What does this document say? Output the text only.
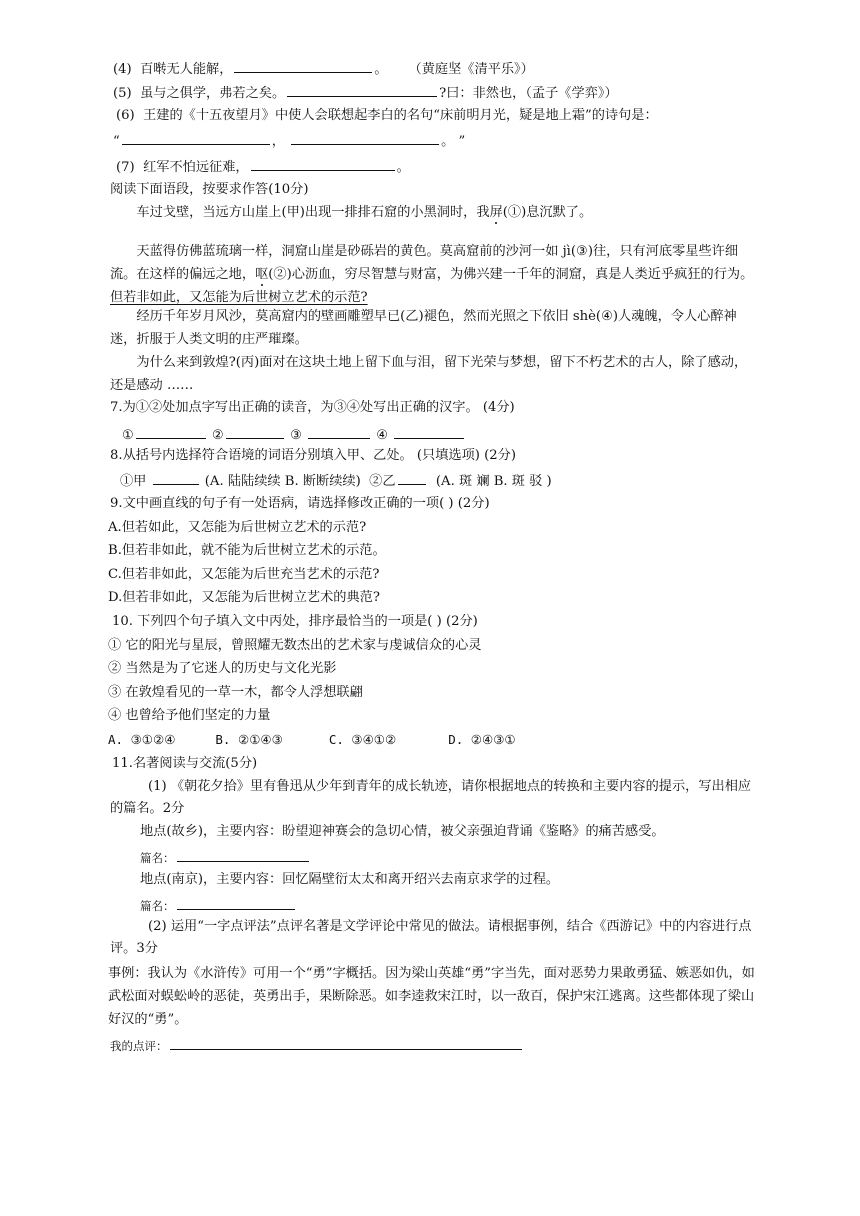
(4) 百啭无人能解，	。 （黄庭坚《清平乐》）
(5) 虽与之俱学，弗若之矣。	?曰：非然也，（孟子《学弈》）
(6) 王建的《十五夜望月》中使人会联想起李白的名句“床前明月光，疑是地上霜”的诗句是：
“	，	。 ”
(7) 红军不怕远征难，	。
阅读下面语段，按要求作答(10分)
车过戈壁，当远方山崖上(甲)出现一排排石窟的小黑洞时，我屏(①)息沉默了。
天蓝得仿佛蓝琉璃一样，洞窟山崖是砂砾岩的黄色。莫高窟前的沙河一如 jì(③)往，只有河底零星些许细流。在这样的偏远之地，呕(②)心沥血，穷尽智慧与财富，为佛兴建一千年的洞窟，真是人类近乎疯狂的行为。但若非如此，又怎能为后世树立艺术的示范?
经历千年岁月风沙，莫高窟内的壁画雕塑早已(乙)褪色，然而光照之下依旧 shè(④)人魂魄，令人心醉神迷，折服于人类文明的庄严璀璨。
为什么来到敦煌?(丙)面对在这块土地上留下血与泪，留下光荣与梦想，留下不朽艺术的古人，除了感动，还是感动 ……
7.为①②处加点字写出正确的读音，为③④处写出正确的汉字。 (4分)
①	②	③	④
8.从括号内选择符合语境的词语分别填入甲、乙处。 (只填选项) (2分)
①甲	(A. 陆陆续续 B. 断断续续) ②乙	(A. 斑 斓 B. 斑 驳 )
9.文中画直线的句子有一处语病，请选择修改正确的一项( ) (2分)
A.但若如此，又怎能为后世树立艺术的示范?
B.但若非如此，就不能为后世树立艺术的示范。
C.但若非如此，又怎能为后世充当艺术的示范?
D.但若非如此，又怎能为后世树立艺术的典范?
10. 下列四个句子填入文中丙处，排序最恰当的一项是( ) (2分)
① 它的阳光与星辰，曾照耀无数杰出的艺术家与虔诚信众的心灵
② 当然是为了它迷人的历史与文化光影
③ 在敦煌看见的一草一木，都令人浮想联翩
④ 也曾给予他们坚定的力量
A. ③①②④	B. ②①④③	C. ③④①②	D. ②④③①
11.名著阅读与交流(5分)
(1) 《朝花夕拾》里有鲁迅从少年到青年的成长轨迹，请你根据地点的转换和主要内容的提示，写出相应的篇名。2分
地点(故乡)，主要内容：盼望迎神赛会的急切心情，被父亲强迫背诵《鉴略》的痛苦感受。
篇名：
地点(南京)，主要内容：回忆隔壁衍太太和离开绍兴去南京求学的过程。
篇名：
(2) 运用“一字点评法”点评名著是文学评论中常见的做法。请根据事例，结合《西游记》中的内容进行点评。3分
事例：我认为《水浒传》可用一个“勇”字概括。因为梁山英雄“勇”字当先，面对恶势力果敢勇猛、嫉恶如仇，如武松面对蜈蚣岭的恶徒，英勇出手，果断除恶。如李逵救宋江时，以一敌百，保护宋江逃离。这些都体现了梁山好汉的“勇”。
我的点评：
